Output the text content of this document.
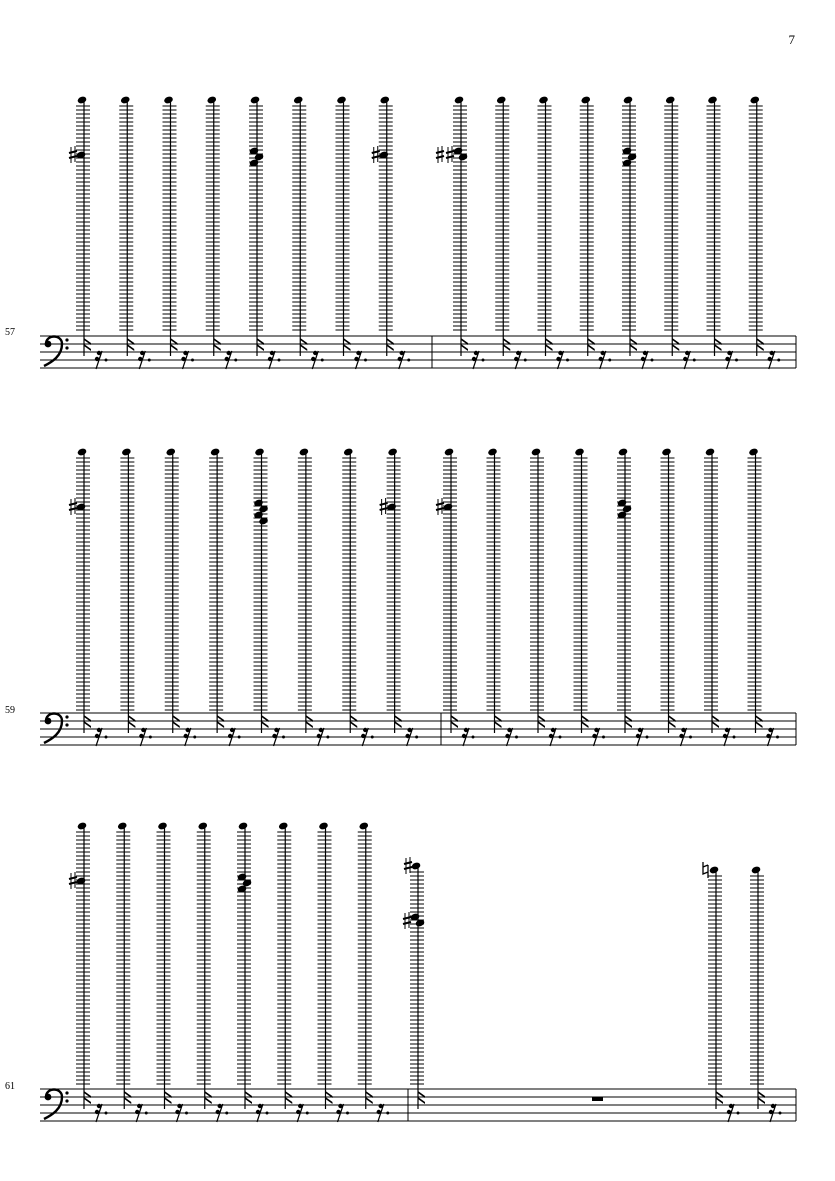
7
57
59
61
